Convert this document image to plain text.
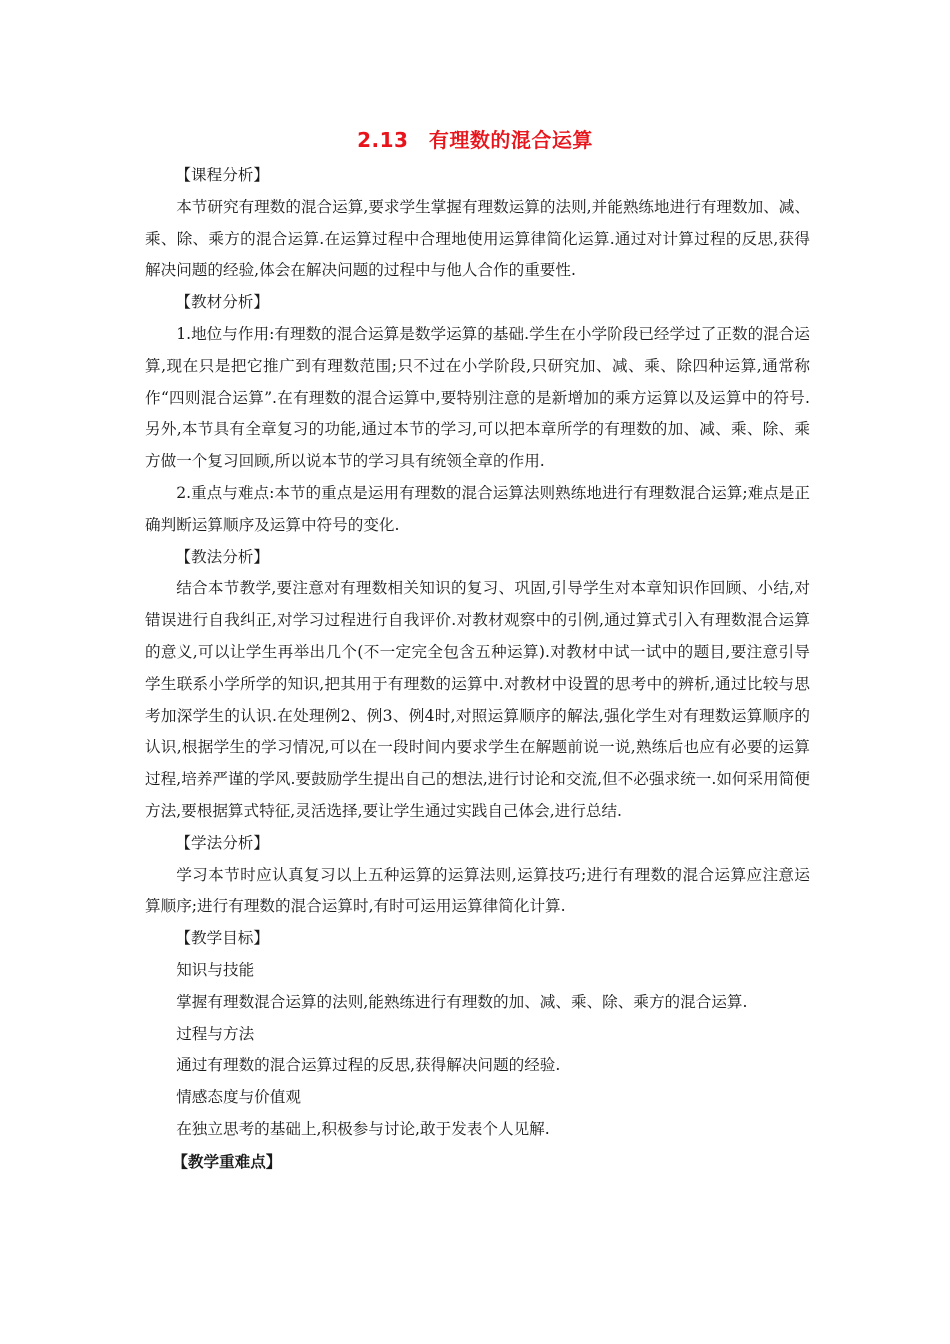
2.13　有理数的混合运算

【课程分析】

本节研究有理数的混合运算,要求学生掌握有理数运算的法则,并能熟练地进行有理数加、减、乘、除、乘方的混合运算.在运算过程中合理地使用运算律简化运算.通过对计算过程的反思,获得解决问题的经验,体会在解决问题的过程中与他人合作的重要性.

【教材分析】

1.地位与作用:有理数的混合运算是数学运算的基础.学生在小学阶段已经学过了正数的混合运算,现在只是把它推广到有理数范围;只不过在小学阶段,只研究加、减、乘、除四种运算,通常称作“四则混合运算”.在有理数的混合运算中,要特别注意的是新增加的乘方运算以及运算中的符号.另外,本节具有全章复习的功能,通过本节的学习,可以把本章所学的有理数的加、减、乘、除、乘方做一个复习回顾,所以说本节的学习具有统领全章的作用.

2.重点与难点:本节的重点是运用有理数的混合运算法则熟练地进行有理数混合运算;难点是正确判断运算顺序及运算中符号的变化.

【教法分析】

结合本节教学,要注意对有理数相关知识的复习、巩固,引导学生对本章知识作回顾、小结,对错误进行自我纠正,对学习过程进行自我评价.对教材观察中的引例,通过算式引入有理数混合运算的意义,可以让学生再举出几个(不一定完全包含五种运算).对教材中试一试中的题目,要注意引导学生联系小学所学的知识,把其用于有理数的运算中.对教材中设置的思考中的辨析,通过比较与思考加深学生的认识.在处理例2、例3、例4时,对照运算顺序的解法,强化学生对有理数运算顺序的认识,根据学生的学习情况,可以在一段时间内要求学生在解题前说一说,熟练后也应有必要的运算过程,培养严谨的学风.要鼓励学生提出自己的想法,进行讨论和交流,但不必强求统一.如何采用简便方法,要根据算式特征,灵活选择,要让学生通过实践自己体会,进行总结.

【学法分析】

学习本节时应认真复习以上五种运算的运算法则,运算技巧;进行有理数的混合运算应注意运算顺序;进行有理数的混合运算时,有时可运用运算律简化计算.

【教学目标】

知识与技能

掌握有理数混合运算的法则,能熟练进行有理数的加、减、乘、除、乘方的混合运算.

过程与方法

通过有理数的混合运算过程的反思,获得解决问题的经验.

情感态度与价值观

在独立思考的基础上,积极参与讨论,敢于发表个人见解.

【教学重难点】
